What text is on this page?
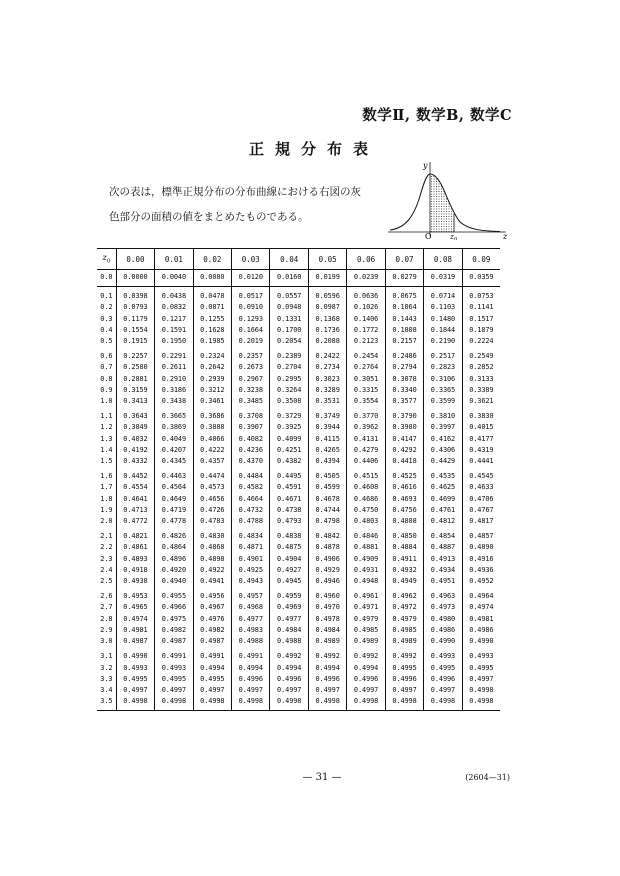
数学Ⅱ, 数学B, 数学C
正規分布表
次の表は，標準正規分布の分布曲線における右図の灰
色部分の面積の値をまとめたものである。
y
z
O $z_0$
$z_0$	0.00	0.01	0.02	0.03	0.04	0.05	0.06	0.07	0.08	0.09
0.0	0.0000	0.0040	0.0080	0.0120	0.0160	0.0199	0.0239	0.0279	0.0319	0.0359
0.1	0.0398	0.0438	0.0478	0.0517	0.0557	0.0596	0.0636	0.0675	0.0714	0.0753
0.2	0.0793	0.0832	0.0871	0.0910	0.0948	0.0987	0.1026	0.1064	0.1103	0.1141
0.3	0.1179	0.1217	0.1255	0.1293	0.1331	0.1368	0.1406	0.1443	0.1480	0.1517
0.4	0.1554	0.1591	0.1628	0.1664	0.1700	0.1736	0.1772	0.1808	0.1844	0.1879
0.5	0.1915	0.1950	0.1985	0.2019	0.2054	0.2088	0.2123	0.2157	0.2190	0.2224
0.6	0.2257	0.2291	0.2324	0.2357	0.2389	0.2422	0.2454	0.2486	0.2517	0.2549
0.7	0.2580	0.2611	0.2642	0.2673	0.2704	0.2734	0.2764	0.2794	0.2823	0.2852
0.8	0.2881	0.2910	0.2939	0.2967	0.2995	0.3023	0.3051	0.3078	0.3106	0.3133
0.9	0.3159	0.3186	0.3212	0.3238	0.3264	0.3289	0.3315	0.3340	0.3365	0.3389
1.0	0.3413	0.3438	0.3461	0.3485	0.3508	0.3531	0.3554	0.3577	0.3599	0.3621
1.1	0.3643	0.3665	0.3686	0.3708	0.3729	0.3749	0.3770	0.3790	0.3810	0.3830
1.2	0.3849	0.3869	0.3888	0.3907	0.3925	0.3944	0.3962	0.3980	0.3997	0.4015
1.3	0.4032	0.4049	0.4066	0.4082	0.4099	0.4115	0.4131	0.4147	0.4162	0.4177
1.4	0.4192	0.4207	0.4222	0.4236	0.4251	0.4265	0.4279	0.4292	0.4306	0.4319
1.5	0.4332	0.4345	0.4357	0.4370	0.4382	0.4394	0.4406	0.4418	0.4429	0.4441
1.6	0.4452	0.4463	0.4474	0.4484	0.4495	0.4505	0.4515	0.4525	0.4535	0.4545
1.7	0.4554	0.4564	0.4573	0.4582	0.4591	0.4599	0.4608	0.4616	0.4625	0.4633
1.8	0.4641	0.4649	0.4656	0.4664	0.4671	0.4678	0.4686	0.4693	0.4699	0.4706
1.9	0.4713	0.4719	0.4726	0.4732	0.4738	0.4744	0.4750	0.4756	0.4761	0.4767
2.0	0.4772	0.4778	0.4783	0.4788	0.4793	0.4798	0.4803	0.4808	0.4812	0.4817
2.1	0.4821	0.4826	0.4830	0.4834	0.4838	0.4842	0.4846	0.4850	0.4854	0.4857
2.2	0.4861	0.4864	0.4868	0.4871	0.4875	0.4878	0.4881	0.4884	0.4887	0.4890
2.3	0.4893	0.4896	0.4898	0.4901	0.4904	0.4906	0.4909	0.4911	0.4913	0.4916
2.4	0.4918	0.4920	0.4922	0.4925	0.4927	0.4929	0.4931	0.4932	0.4934	0.4936
2.5	0.4938	0.4940	0.4941	0.4943	0.4945	0.4946	0.4948	0.4949	0.4951	0.4952
2.6	0.4953	0.4955	0.4956	0.4957	0.4959	0.4960	0.4961	0.4962	0.4963	0.4964
2.7	0.4965	0.4966	0.4967	0.4968	0.4969	0.4970	0.4971	0.4972	0.4973	0.4974
2.8	0.4974	0.4975	0.4976	0.4977	0.4977	0.4978	0.4979	0.4979	0.4980	0.4981
2.9	0.4981	0.4982	0.4982	0.4983	0.4984	0.4984	0.4985	0.4985	0.4986	0.4986
3.0	0.4987	0.4987	0.4987	0.4988	0.4988	0.4989	0.4989	0.4989	0.4990	0.4990
3.1	0.4990	0.4991	0.4991	0.4991	0.4992	0.4992	0.4992	0.4992	0.4993	0.4993
3.2	0.4993	0.4993	0.4994	0.4994	0.4994	0.4994	0.4994	0.4995	0.4995	0.4995
3.3	0.4995	0.4995	0.4995	0.4996	0.4996	0.4996	0.4996	0.4996	0.4996	0.4997
3.4	0.4997	0.4997	0.4997	0.4997	0.4997	0.4997	0.4997	0.4997	0.4997	0.4998
3.5	0.4998	0.4998	0.4998	0.4998	0.4998	0.4998	0.4998	0.4998	0.4998	0.4998
— 31 —	(2604—31)
